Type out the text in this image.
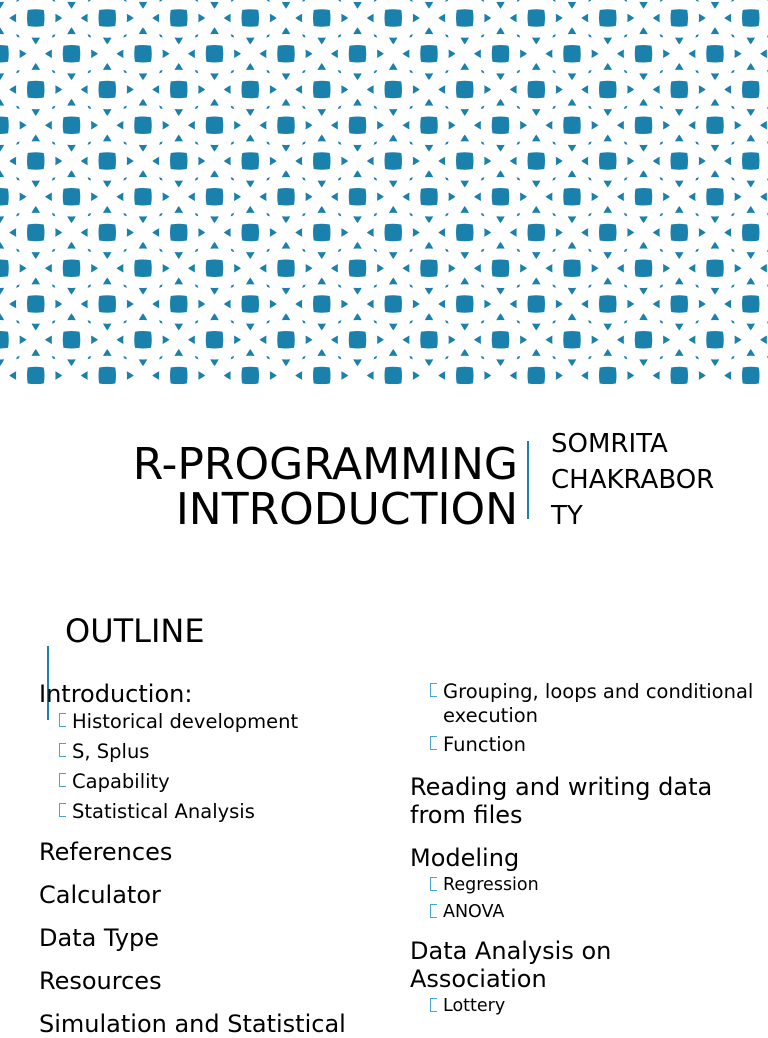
R-PROGRAMMING
INTRODUCTION
SOMRITA
CHAKRABOR
TY
OUTLINE
Introduction:
Historical development
S, Splus
Capability
Statistical Analysis
References
Calculator
Data Type
Resources
Simulation and Statistical
Grouping, loops and conditional execution
Function
Reading and writing data from files
Modeling
Regression
ANOVA
Data Analysis on Association
Lottery
